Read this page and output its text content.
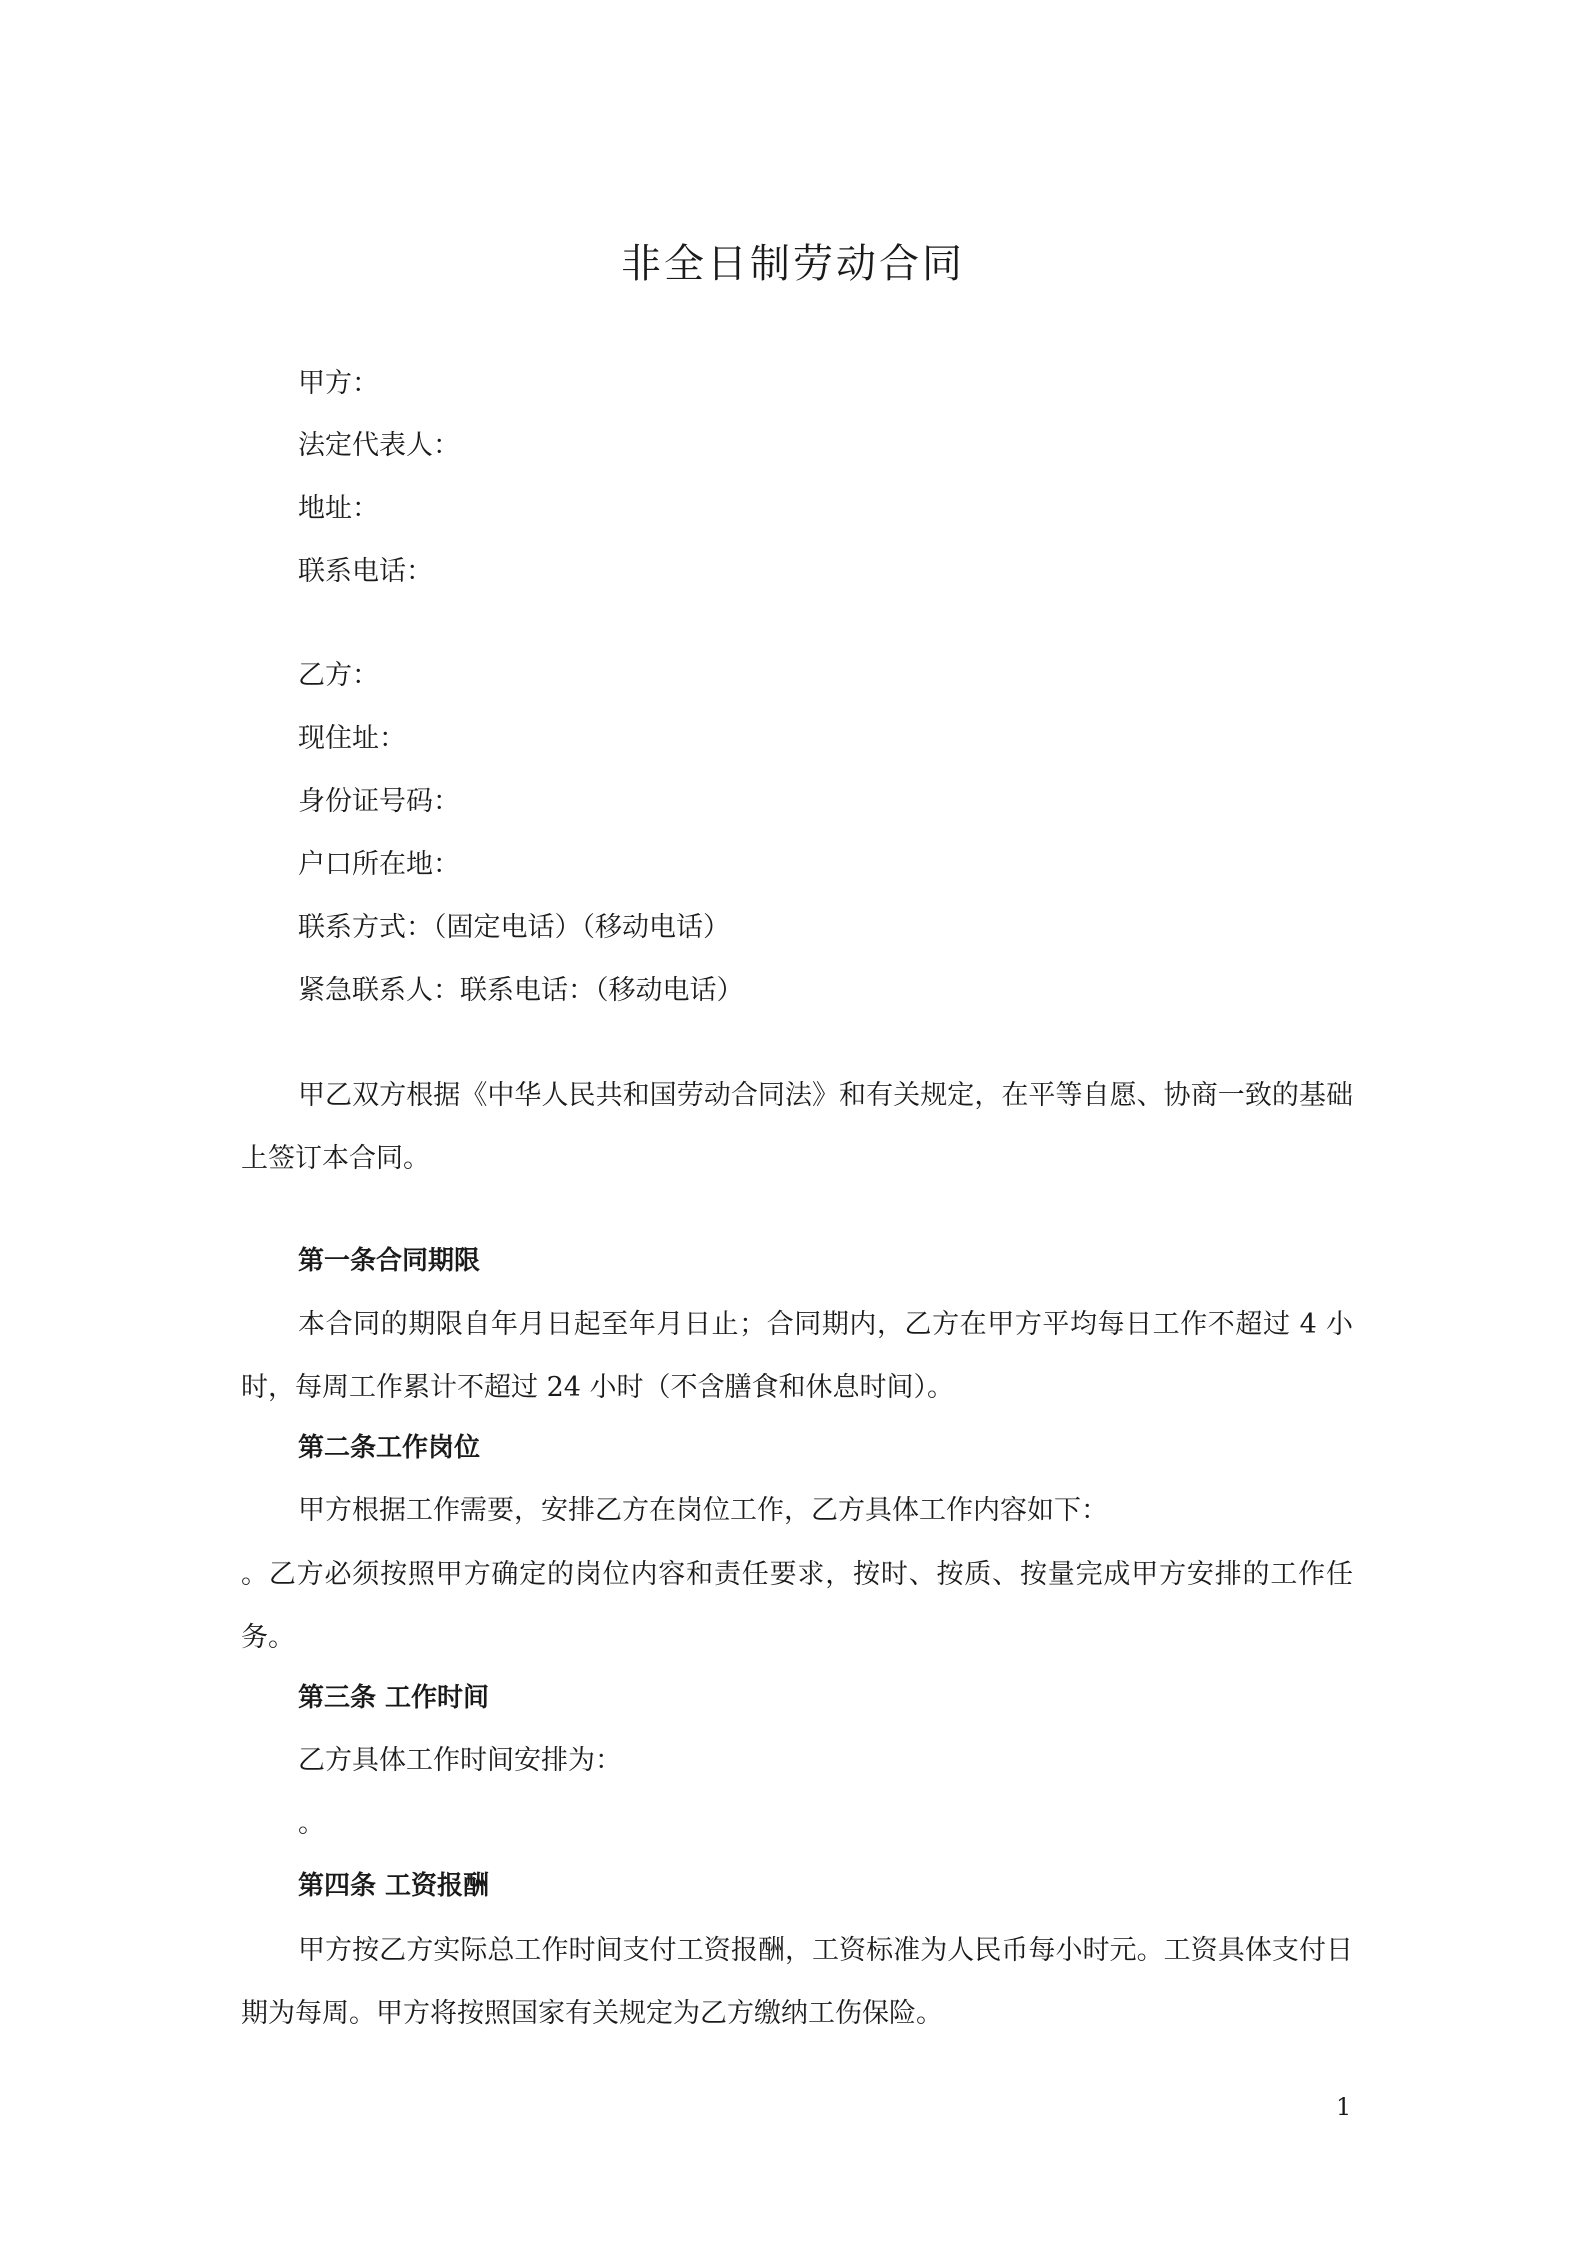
非全日制劳动合同
甲方：
法定代表人：
地址：
联系电话：
乙方：
现住址：
身份证号码：
户口所在地：
联系方式：（固定电话）（移动电话）
紧急联系人：联系电话：（移动电话）
甲乙双方根据《中华人民共和国劳动合同法》和有关规定，在平等自愿、协商一致的基础上签订本合同。
第一条合同期限
本合同的期限自年月日起至年月日止；合同期内，乙方在甲方平均每日工作不超过 4 小时，每周工作累计不超过 24 小时（不含膳食和休息时间）。
第二条工作岗位
甲方根据工作需要，安排乙方在岗位工作，乙方具体工作内容如下：
。乙方必须按照甲方确定的岗位内容和责任要求，按时、按质、按量完成甲方安排的工作任务。
第三条 工作时间
乙方具体工作时间安排为：
。
第四条 工资报酬
甲方按乙方实际总工作时间支付工资报酬，工资标准为人民币每小时元。工资具体支付日期为每周。甲方将按照国家有关规定为乙方缴纳工伤保险。
1
